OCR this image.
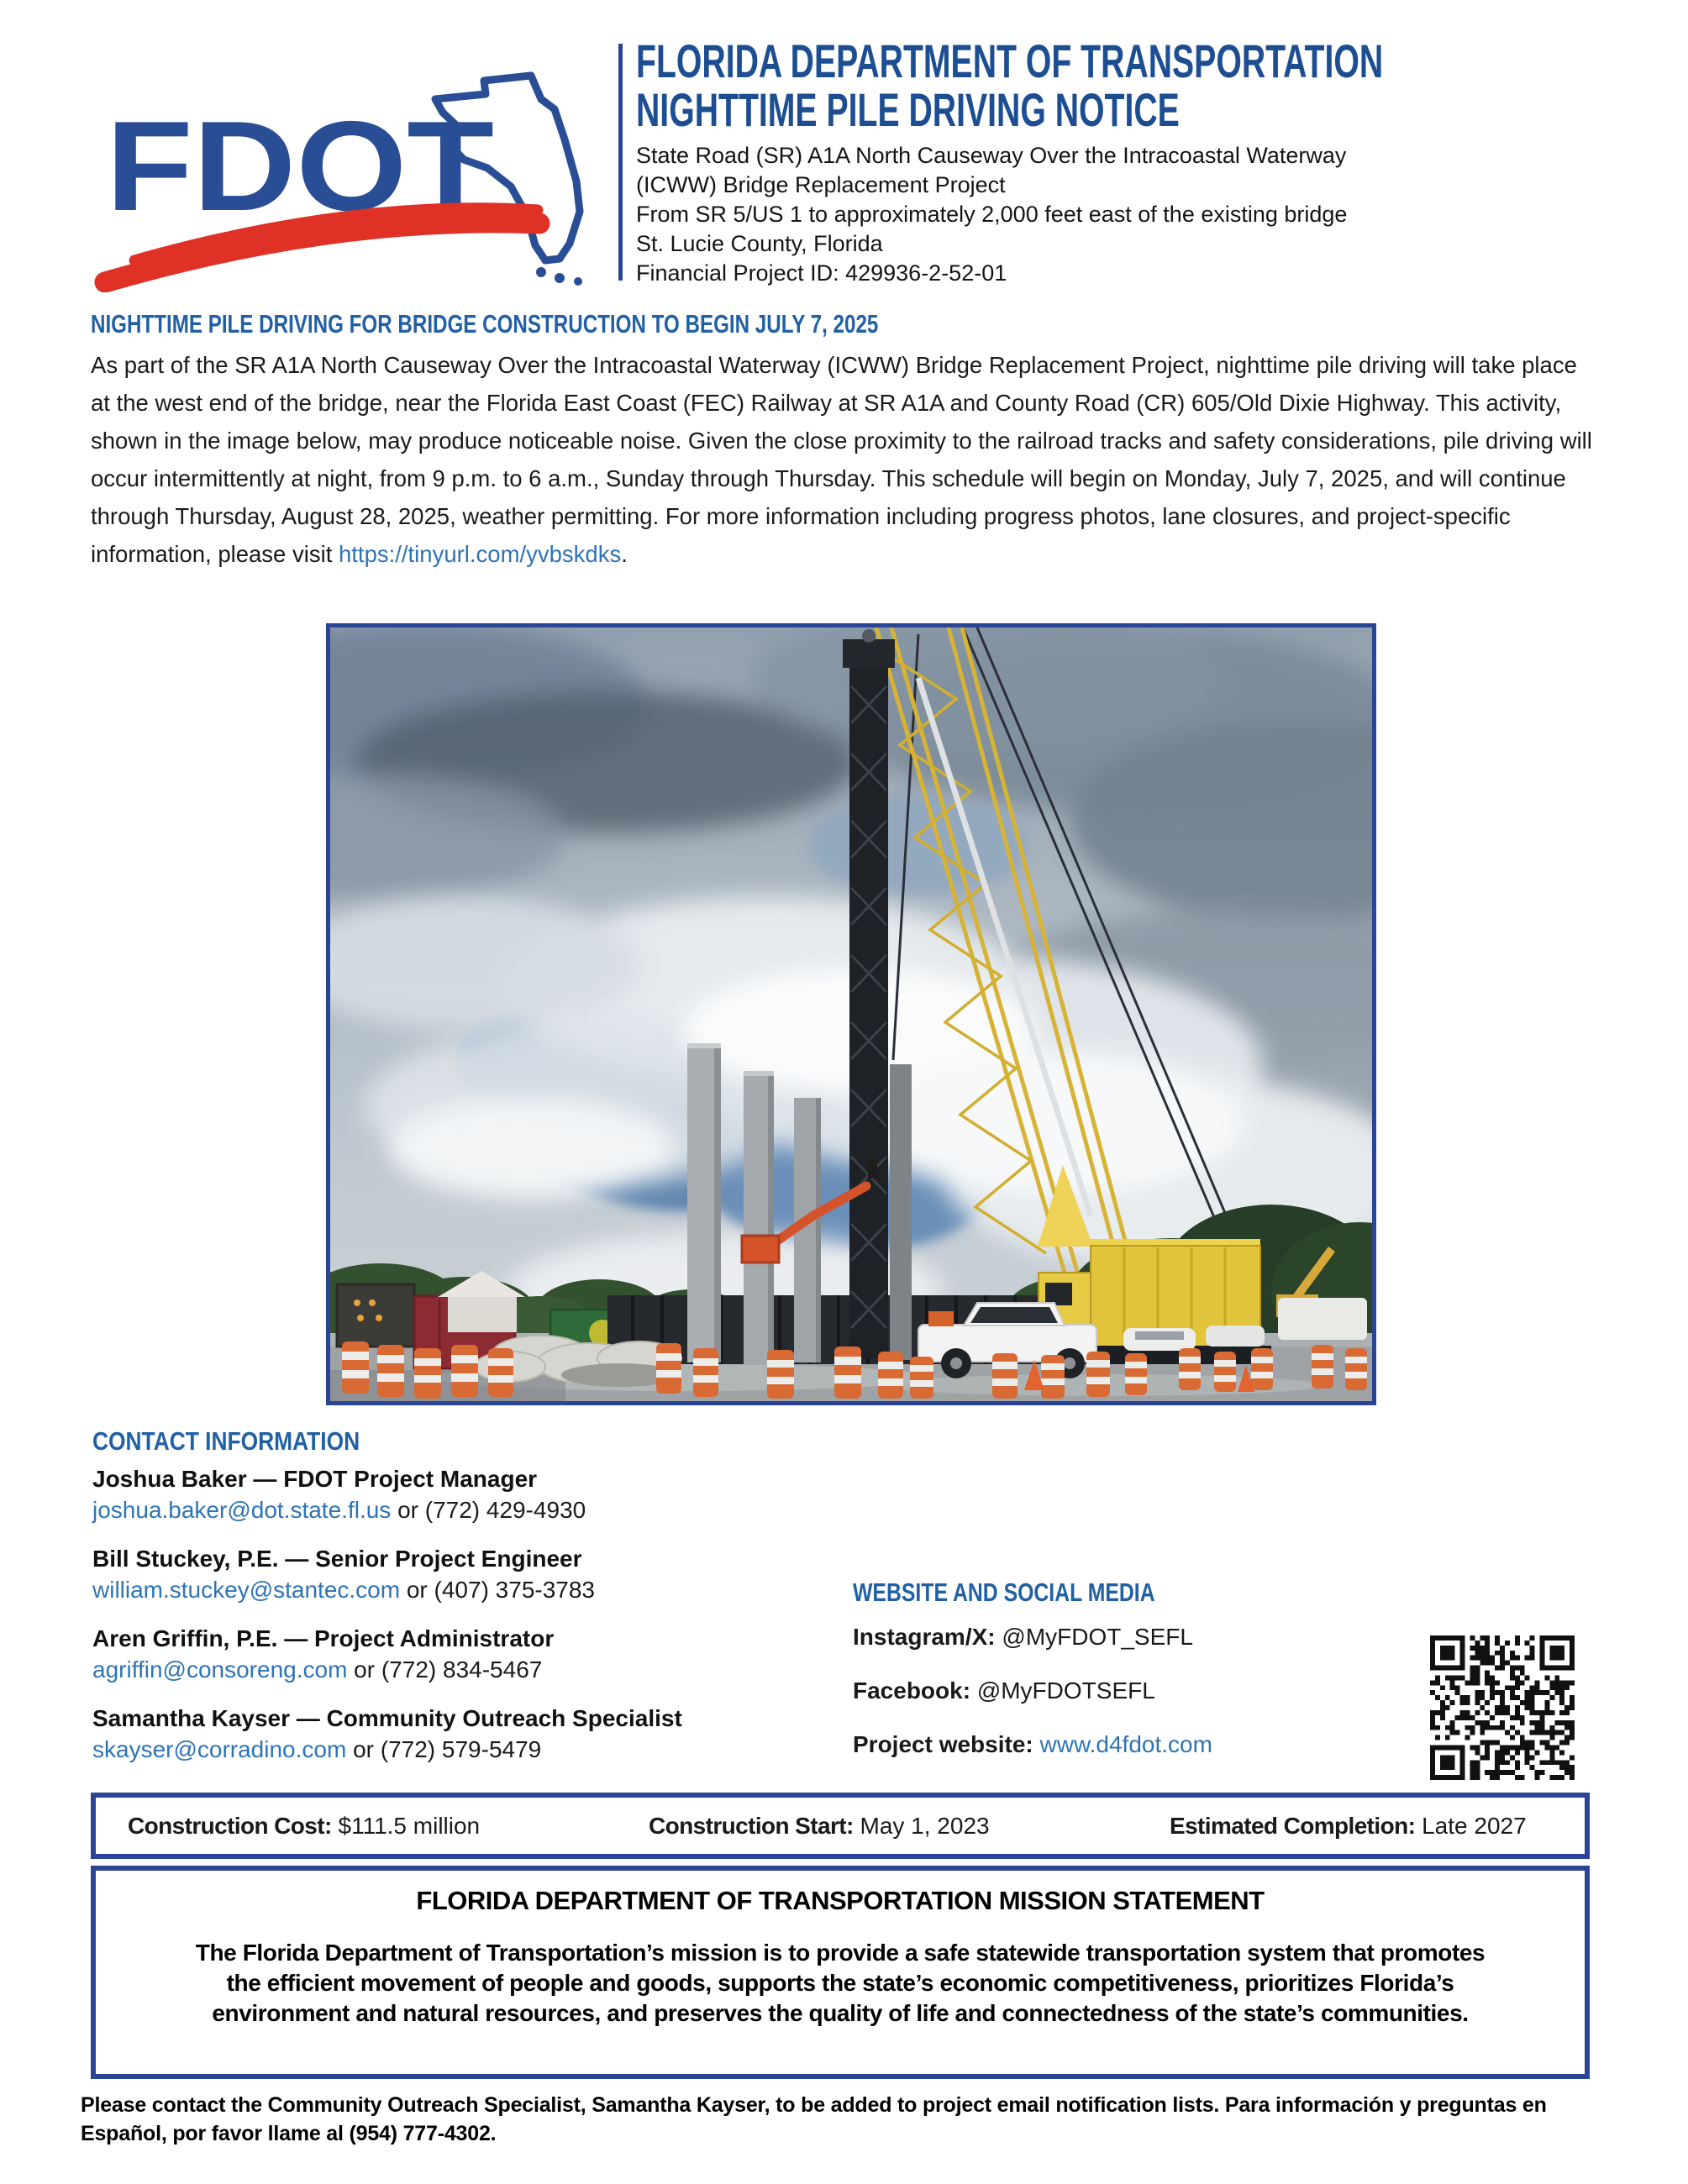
FDOT
FLORIDA DEPARTMENT OF TRANSPORTATION
NIGHTTIME PILE DRIVING NOTICE
State Road (SR) A1A North Causeway Over the Intracoastal Waterway
(ICWW) Bridge Replacement Project
From SR 5/US 1 to approximately 2,000 feet east of the existing bridge
St. Lucie County, Florida
Financial Project ID: 429936-2-52-01
NIGHTTIME PILE DRIVING FOR BRIDGE CONSTRUCTION TO BEGIN JULY 7, 2025
As part of the SR A1A North Causeway Over the Intracoastal Waterway (ICWW) Bridge Replacement Project, nighttime pile driving will take place at the west end of the bridge, near the Florida East Coast (FEC) Railway at SR A1A and County Road (CR) 605/Old Dixie Highway. This activity, shown in the image below, may produce noticeable noise. Given the close proximity to the railroad tracks and safety considerations, pile driving will occur intermittently at night, from 9 p.m. to 6 a.m., Sunday through Thursday. This schedule will begin on Monday, July 7, 2025, and will continue through Thursday, August 28, 2025, weather permitting. For more information including progress photos, lane closures, and project-specific information, please visit https://tinyurl.com/yvbskdks.
CONTACT INFORMATION
Joshua Baker — FDOT Project Manager
joshua.baker@dot.state.fl.us or (772) 429-4930
Bill Stuckey, P.E. — Senior Project Engineer
william.stuckey@stantec.com or (407) 375-3783
Aren Griffin, P.E. — Project Administrator
agriffin@consoreng.com or (772) 834-5467
Samantha Kayser — Community Outreach Specialist
skayser@corradino.com or (772) 579-5479
WEBSITE AND SOCIAL MEDIA
Instagram/X: @MyFDOT_SEFL
Facebook: @MyFDOTSEFL
Project website: www.d4fdot.com
Construction Cost: $111.5 million	Construction Start: May 1, 2023	Estimated Completion: Late 2027
FLORIDA DEPARTMENT OF TRANSPORTATION MISSION STATEMENT
The Florida Department of Transportation’s mission is to provide a safe statewide transportation system that promotes the efficient movement of people and goods, supports the state’s economic competitiveness, prioritizes Florida’s environment and natural resources, and preserves the quality of life and connectedness of the state’s communities.
Please contact the Community Outreach Specialist, Samantha Kayser, to be added to project email notification lists. Para información y preguntas en Español, por favor llame al (954) 777-4302.
